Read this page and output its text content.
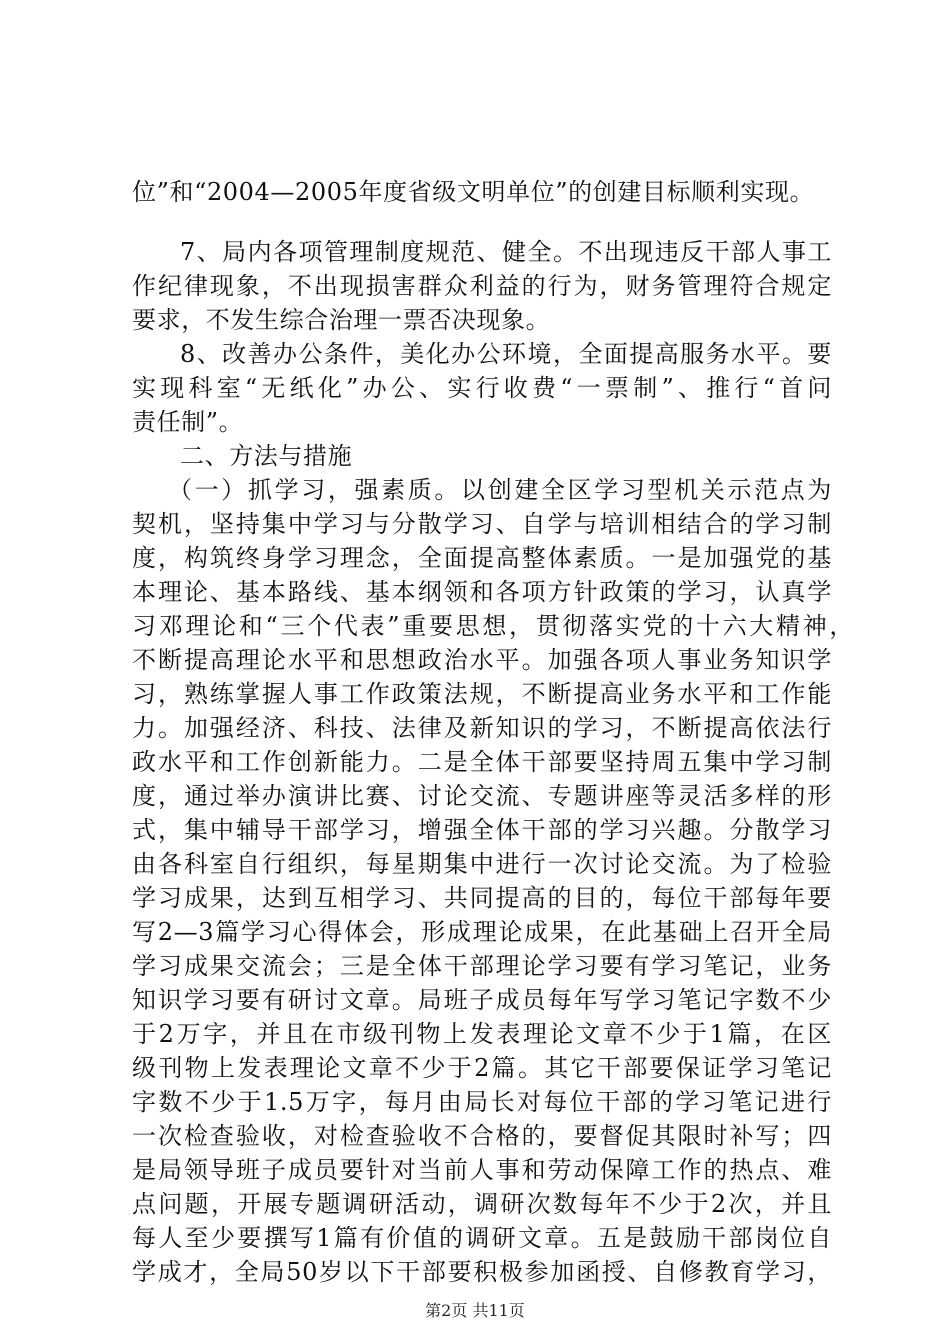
位”和“2004—2005年度省级文明单位”的创建目标顺利实现。
7、局内各项管理制度规范、健全。不出现违反干部人事工
作纪律现象，不出现损害群众利益的行为，财务管理符合规定
要求，不发生综合治理一票否决现象。
8、改善办公条件，美化办公环境，全面提高服务水平。要
实现科室“无纸化”办公、实行收费“一票制”、推行“首问
责任制”。
二、方法与措施
（一）抓学习，强素质。以创建全区学习型机关示范点为
契机，坚持集中学习与分散学习、自学与培训相结合的学习制
度，构筑终身学习理念，全面提高整体素质。一是加强党的基
本理论、基本路线、基本纲领和各项方针政策的学习，认真学
习邓理论和“三个代表”重要思想，贯彻落实党的十六大精神，
不断提高理论水平和思想政治水平。加强各项人事业务知识学
习，熟练掌握人事工作政策法规，不断提高业务水平和工作能
力。加强经济、科技、法律及新知识的学习，不断提高依法行
政水平和工作创新能力。二是全体干部要坚持周五集中学习制
度，通过举办演讲比赛、讨论交流、专题讲座等灵活多样的形
式，集中辅导干部学习，增强全体干部的学习兴趣。分散学习
由各科室自行组织，每星期集中进行一次讨论交流。为了检验
学习成果，达到互相学习、共同提高的目的，每位干部每年要
写2—3篇学习心得体会，形成理论成果，在此基础上召开全局
学习成果交流会；三是全体干部理论学习要有学习笔记，业务
知识学习要有研讨文章。局班子成员每年写学习笔记字数不少
于2万字，并且在市级刊物上发表理论文章不少于1篇，在区
级刊物上发表理论文章不少于2篇。其它干部要保证学习笔记
字数不少于1.5万字，每月由局长对每位干部的学习笔记进行
一次检查验收，对检查验收不合格的，要督促其限时补写；四
是局领导班子成员要针对当前人事和劳动保障工作的热点、难
点问题，开展专题调研活动，调研次数每年不少于2次，并且
每人至少要撰写1篇有价值的调研文章。五是鼓励干部岗位自
学成才，全局50岁以下干部要积极参加函授、自修教育学习，
第2页 共11页
